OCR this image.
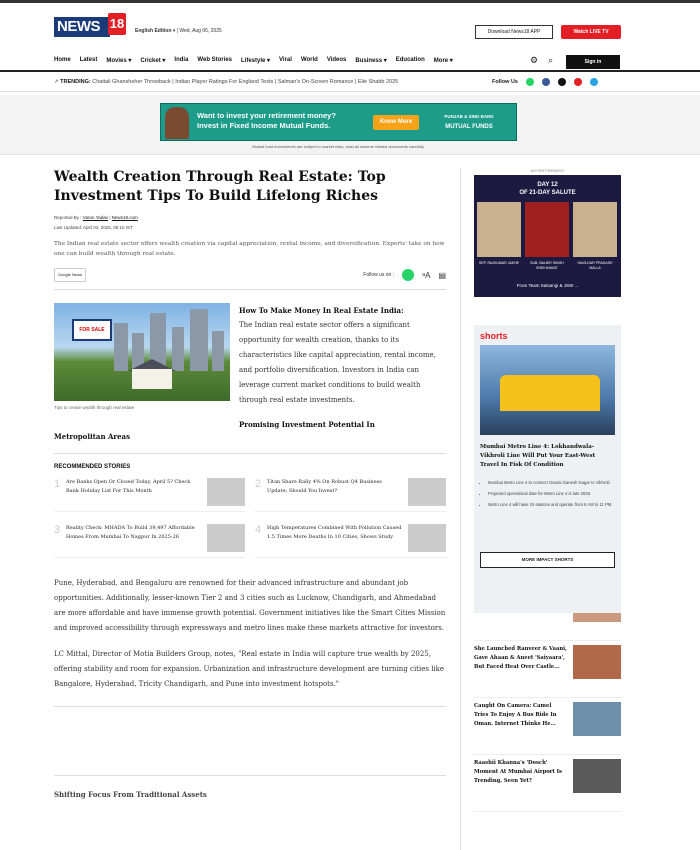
NEWS 18	English Edition ▾ | Wed, Aug 06, 2025	Download News18 APP	Watch LIVE TV
Home Latest Movies ▾ Cricket ▾ India Web Stories Lifestyle ▾ Viral World Videos Business ▾ Education More ▾	⚙ ⌕	Sign in
↗ TRENDING: Chaitali Ghansheher Throwback | Indian Player Ratings For England Tests | Salman's On-Screen Romance | Elie Shabb 2025	Follow Us
Want to invest your retirement money?
Invest in Fixed Income Mutual Funds.	Know More
PUNJAB & SIND BANK
MUTUAL FUNDS
Mutual fund investments are subject to market risks, read all scheme related documents carefully.
Wealth Creation Through Real Estate: Top Investment Tips To Build Lifelong Riches
Reported By : Varun Yadav | News18.com
Last Updated: April 03, 2025, 06:10 IST
The Indian real estate sector offers wealth creation via capital appreciation, rental income, and diversification. Experts' take on how one can build wealth through real estate.
Google News	Follow us on :	ᵃA ▤
FOR SALE
Tips to create wealth through real estate
How To Make Money In Real Estate India:
The Indian real estate sector offers a significant opportunity for wealth creation, thanks to its characteristics like capital appreciation, rental income, and portfolio diversification. Investors in India can leverage current market conditions to build wealth through real estate investments.
Promising Investment Potential In
Metropolitan Areas
RECOMMENDED STORIES
1 Are Banks Open Or Closed Today, April 5? Check Bank Holiday List For This Month
2 Titan Share Rally 4% On Robust Q4 Business Update; Should You Invest?
3 Reality Check: MHADA To Build 39,497 Affordable Homes From Mumbai To Nagpur In 2025-26
4 High Temperatures Combined With Pollution Caused 1.5 Times More Deaths In 10 Cities, Shows Study
Pune, Hyderabad, and Bengaluru are renowned for their advanced infrastructure and abundant job opportunities. Additionally, lesser-known Tier 2 and 3 cities such as Lucknow, Chandigarh, and Ahmedabad are more affordable and have immense growth potential. Government initiatives like the Smart Cities Mission and improved accessibility through expressways and metro lines make these markets attractive for investors.
LC Mittal, Director of Motia Builders Group, notes, "Real estate in India will capture true wealth by 2025, offering stability and room for expansion. Urbanization and infrastructure development are turning cities like Bangalore, Hyderabad, Tricity Chandigarh, and Pune into investment hotspots."
Shifting Focus From Traditional Assets
ADVERTISEMENT
DAY 12
OF 21-DAY SALUTE
SEP. RAJKUMAR JAKHE	SUB. BALBIR SINGH SHEKHAWAT
HAVILDAR PRAKASH MALLA
From Team Satsangi & JSW ...
shorts
Mumbai Metro Line 4: Lokhandwala-Vikhroli Line Will Put Your East-West Travel In Fisk Of Condition
• Mumbai Metro Line 4 to connect Gaurai Ganesh Nagar to Vikhroli.
• Projected operational date for Metro Line 4 is late 2026.
• Metro Line 4 will have 19 stations and operate from 6 AM to 11 PM.
MORE IMPACT SHORTS
She Launched Ranveer & Vaani, Gave Ahaan & Aneet 'Saiyaara', But Faced Heat Over Castle...
Caught On Camera: Camel Tries To Enjoy A Bus Ride In Oman. Internet Thinks He...
Raashii Khanna's 'Dosch' Moment At Mumbai Airport Is Trending, Seen Yet?
